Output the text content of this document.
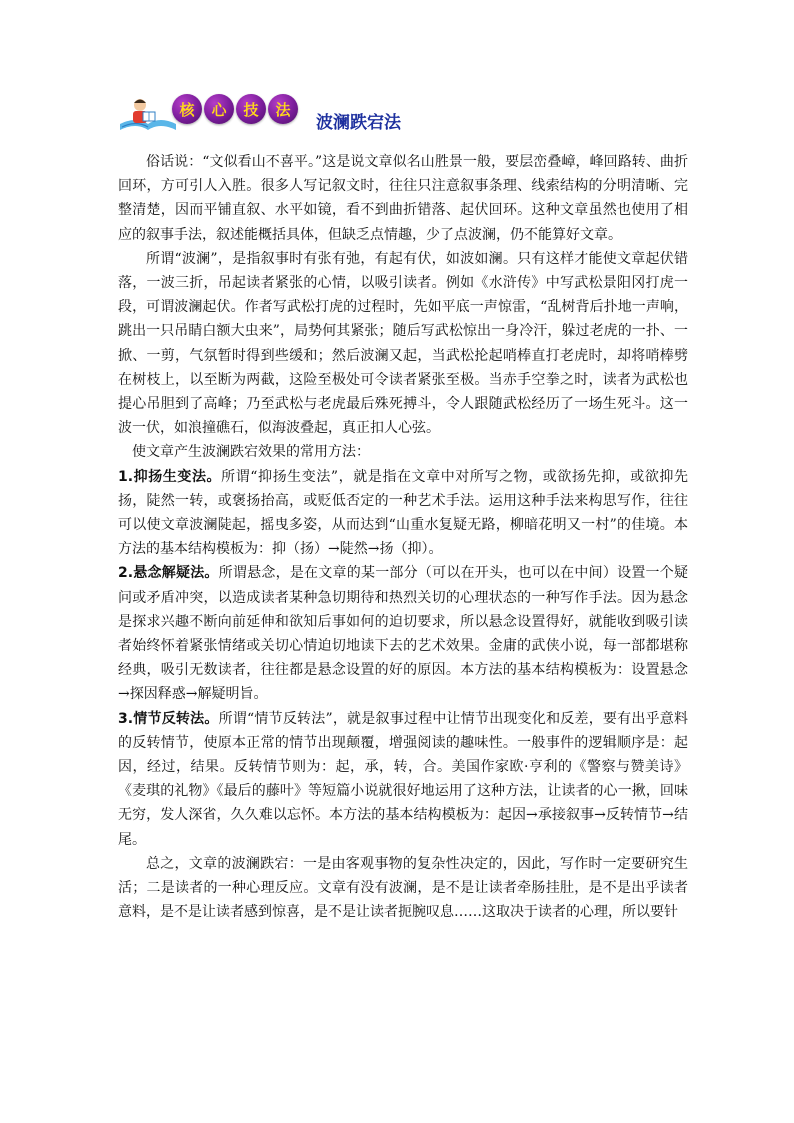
核	心	技	法
波澜跌宕法

俗话说：“文似看山不喜平。”这是说文章似名山胜景一般，要层峦叠嶂，峰回路转、曲折回环，方可引人入胜。很多人写记叙文时，往往只注意叙事条理、线索结构的分明清晰、完整清楚，因而平铺直叙、水平如镜，看不到曲折错落、起伏回环。这种文章虽然也使用了相应的叙事手法，叙述能概括具体，但缺乏点情趣，少了点波澜，仍不能算好文章。

所谓“波澜”，是指叙事时有张有弛，有起有伏，如波如澜。只有这样才能使文章起伏错落，一波三折，吊起读者紧张的心情，以吸引读者。例如《水浒传》中写武松景阳冈打虎一段，可谓波澜起伏。作者写武松打虎的过程时，先如平底一声惊雷，“乱树背后扑地一声响，跳出一只吊睛白额大虫来”，局势何其紧张；随后写武松惊出一身冷汗，躲过老虎的一扑、一掀、一剪，气氛暂时得到些缓和；然后波澜又起，当武松抡起哨棒直打老虎时，却将哨棒劈在树枝上，以至断为两截，这险至极处可令读者紧张至极。当赤手空拳之时，读者为武松也提心吊胆到了高峰；乃至武松与老虎最后殊死搏斗，令人跟随武松经历了一场生死斗。这一波一伏，如浪撞礁石，似海波叠起，真正扣人心弦。

使文章产生波澜跌宕效果的常用方法：

1.抑扬生变法。所谓“抑扬生变法”，就是指在文章中对所写之物，或欲扬先抑，或欲抑先扬，陡然一转，或褒扬抬高，或贬低否定的一种艺术手法。运用这种手法来构思写作，往往可以使文章波澜陡起，摇曳多姿，从而达到“山重水复疑无路，柳暗花明又一村”的佳境。本方法的基本结构模板为：抑（扬）→陡然→扬（抑）。

2.悬念解疑法。所谓悬念，是在文章的某一部分（可以在开头，也可以在中间）设置一个疑问或矛盾冲突，以造成读者某种急切期待和热烈关切的心理状态的一种写作手法。因为悬念是探求兴趣不断向前延伸和欲知后事如何的迫切要求，所以悬念设置得好，就能收到吸引读者始终怀着紧张情绪或关切心情迫切地读下去的艺术效果。金庸的武侠小说，每一部都堪称经典，吸引无数读者，往往都是悬念设置的好的原因。本方法的基本结构模板为：设置悬念→探因释惑→解疑明旨。

3.情节反转法。所谓“情节反转法”，就是叙事过程中让情节出现变化和反差，要有出乎意料的反转情节，使原本正常的情节出现颠覆，增强阅读的趣味性。一般事件的逻辑顺序是：起因，经过，结果。反转情节则为：起，承，转，合。美国作家欧·亨利的《警察与赞美诗》《麦琪的礼物》《最后的藤叶》等短篇小说就很好地运用了这种方法，让读者的心一揪，回味无穷，发人深省，久久难以忘怀。本方法的基本结构模板为：起因→承接叙事→反转情节→结尾。

总之，文章的波澜跌宕：一是由客观事物的复杂性决定的，因此，写作时一定要研究生活；二是读者的一种心理反应。文章有没有波澜，是不是让读者牵肠挂肚，是不是出乎读者意料，是不是让读者感到惊喜，是不是让读者扼腕叹息……这取决于读者的心理，所以要针
